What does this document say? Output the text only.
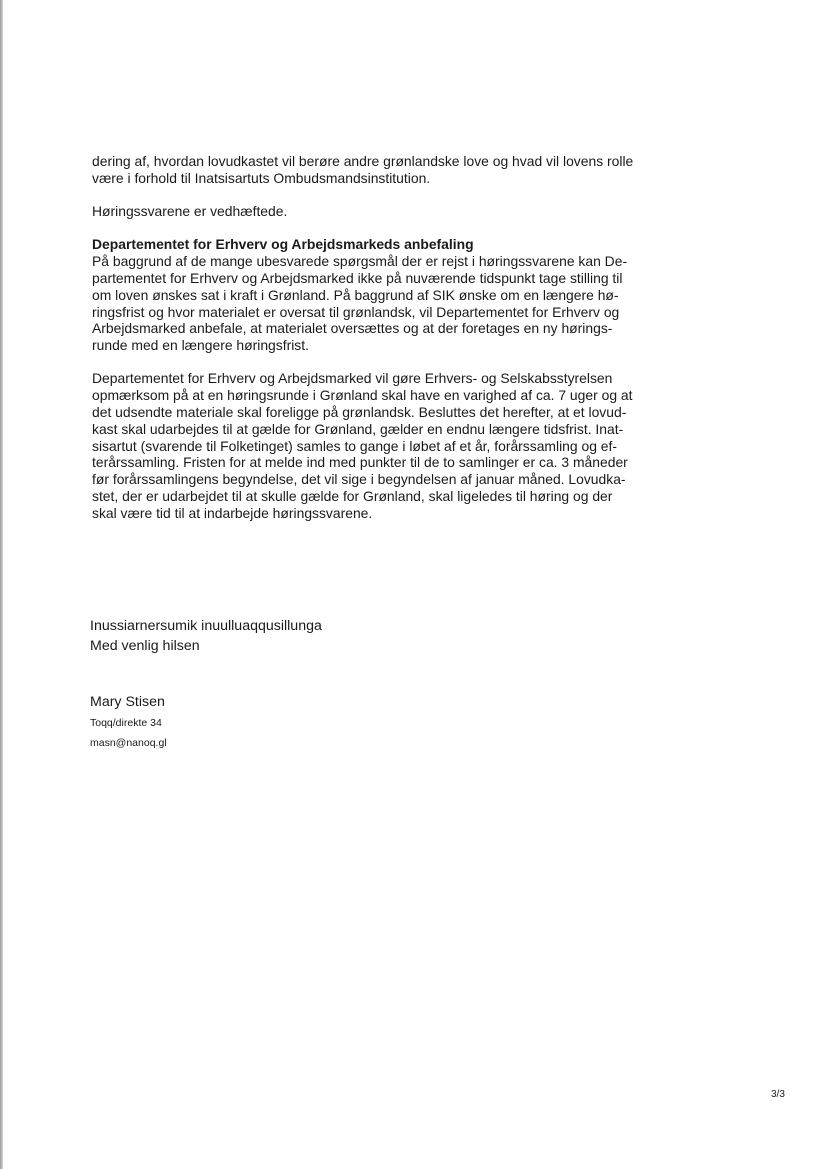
dering af, hvordan lovudkastet vil berøre andre grønlandske love og hvad vil lovens rolle
være i forhold til Inatsisartuts Ombudsmandsinstitution.

Høringssvarene er vedhæftede.

Departementet for Erhverv og Arbejdsmarkeds anbefaling

På baggrund af de mange ubesvarede spørgsmål der er rejst i høringssvarene kan De-
partementet for Erhverv og Arbejdsmarked ikke på nuværende tidspunkt tage stilling til
om loven ønskes sat i kraft i Grønland. På baggrund af SIK ønske om en længere hø-
ringsfrist og hvor materialet er oversat til grønlandsk, vil Departementet for Erhverv og
Arbejdsmarked anbefale, at materialet oversættes og at der foretages en ny hørings-
runde med en længere høringsfrist.

Departementet for Erhverv og Arbejdsmarked vil gøre Erhvers- og Selskabsstyrelsen
opmærksom på at en høringsrunde i Grønland skal have en varighed af ca. 7 uger og at
det udsendte materiale skal foreligge på grønlandsk. Besluttes det herefter, at et lovud-
kast skal udarbejdes til at gælde for Grønland, gælder en endnu længere tidsfrist. Inat-
sisartut (svarende til Folketinget) samles to gange i løbet af et år, forårssamling og ef-
terårssamling. Fristen for at melde ind med punkter til de to samlinger er ca. 3 måneder
før forårssamlingens begyndelse, det vil sige i begyndelsen af januar måned. Lovudka-
stet, der er udarbejdet til at skulle gælde for Grønland, skal ligeledes til høring og der
skal være tid til at indarbejde høringssvarene.

Inussiarnersumik inuulluaqqusillunga
Med venlig hilsen
Mary Stisen
Toqq/direkte 34
masn@nanoq.gl
3/3
